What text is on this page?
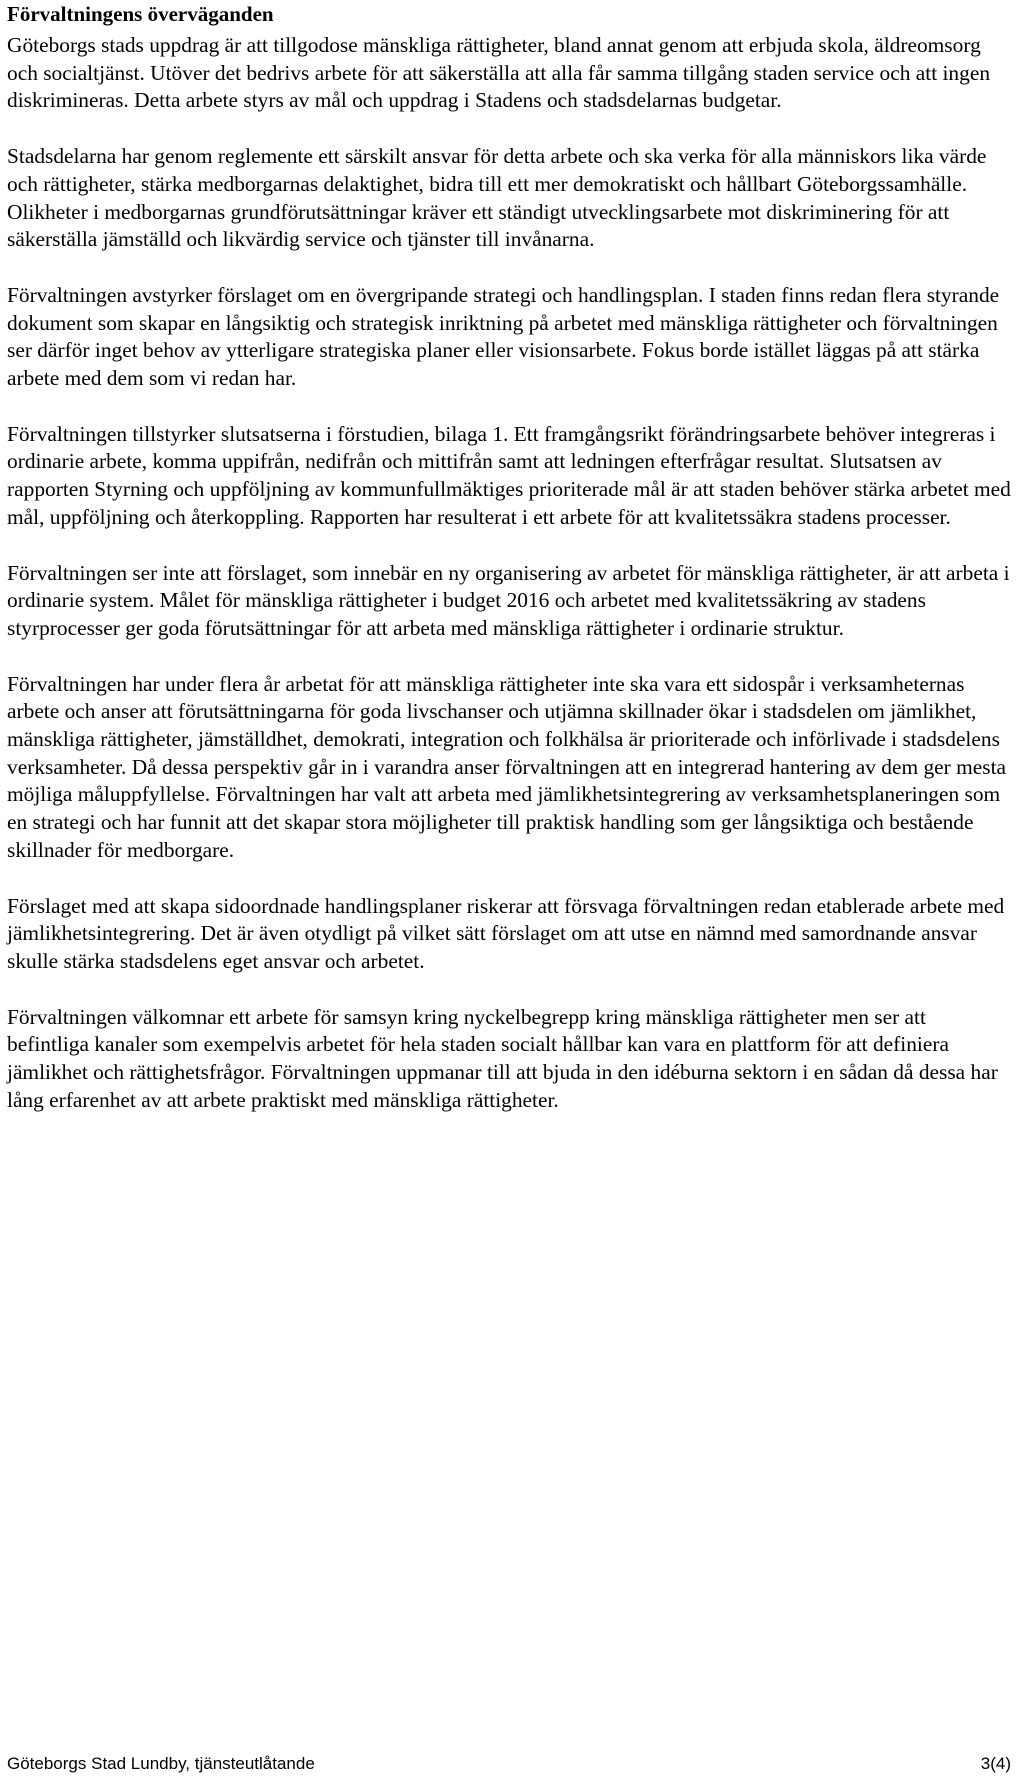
Förvaltningens överväganden

Göteborgs stads uppdrag är att tillgodose mänskliga rättigheter, bland annat genom att erbjuda skola, äldreomsorg och socialtjänst. Utöver det bedrivs arbete för att säkerställa att alla får samma tillgång staden service och att ingen diskrimineras. Detta arbete styrs av mål och uppdrag i Stadens och stadsdelarnas budgetar.

Stadsdelarna har genom reglemente ett särskilt ansvar för detta arbete och ska verka för alla människors lika värde och rättigheter, stärka medborgarnas delaktighet, bidra till ett mer demokratiskt och hållbart Göteborgssamhälle. Olikheter i medborgarnas grundförutsättningar kräver ett ständigt utvecklingsarbete mot diskriminering för att säkerställa jämställd och likvärdig service och tjänster till invånarna.

Förvaltningen avstyrker förslaget om en övergripande strategi och handlingsplan. I staden finns redan flera styrande dokument som skapar en långsiktig och strategisk inriktning på arbetet med mänskliga rättigheter och förvaltningen ser därför inget behov av ytterligare strategiska planer eller visionsarbete. Fokus borde istället läggas på att stärka arbete med dem som vi redan har.

Förvaltningen tillstyrker slutsatserna i förstudien, bilaga 1. Ett framgångsrikt förändringsarbete behöver integreras i ordinarie arbete, komma uppifrån, nedifrån och mittifrån samt att ledningen efterfrågar resultat. Slutsatsen av rapporten Styrning och uppföljning av kommunfullmäktiges prioriterade mål är att staden behöver stärka arbetet med mål, uppföljning och återkoppling. Rapporten har resulterat i ett arbete för att kvalitetssäkra stadens processer.

Förvaltningen ser inte att förslaget, som innebär en ny organisering av arbetet för mänskliga rättigheter, är att arbeta i ordinarie system. Målet för mänskliga rättigheter i budget 2016 och arbetet med kvalitetssäkring av stadens styrprocesser ger goda förutsättningar för att arbeta med mänskliga rättigheter i ordinarie struktur.

Förvaltningen har under flera år arbetat för att mänskliga rättigheter inte ska vara ett sidospår i verksamheternas arbete och anser att förutsättningarna för goda livschanser och utjämna skillnader ökar i stadsdelen om jämlikhet, mänskliga rättigheter, jämställdhet, demokrati, integration och folkhälsa är prioriterade och införlivade i stadsdelens verksamheter. Då dessa perspektiv går in i varandra anser förvaltningen att en integrerad hantering av dem ger mesta möjliga måluppfyllelse. Förvaltningen har valt att arbeta med jämlikhetsintegrering av verksamhetsplaneringen som en strategi och har funnit att det skapar stora möjligheter till praktisk handling som ger långsiktiga och bestående skillnader för medborgare.

Förslaget med att skapa sidoordnade handlingsplaner riskerar att försvaga förvaltningen redan etablerade arbete med jämlikhetsintegrering. Det är även otydligt på vilket sätt förslaget om att utse en nämnd med samordnande ansvar skulle stärka stadsdelens eget ansvar och arbetet.

Förvaltningen välkomnar ett arbete för samsyn kring nyckelbegrepp kring mänskliga rättigheter men ser att befintliga kanaler som exempelvis arbetet för hela staden socialt hållbar kan vara en plattform för att definiera jämlikhet och rättighetsfrågor. Förvaltningen uppmanar till att bjuda in den idéburna sektorn i en sådan då dessa har lång erfarenhet av att arbete praktiskt med mänskliga rättigheter.

Göteborgs Stad Lundby, tjänsteutlåtande	3(4)
